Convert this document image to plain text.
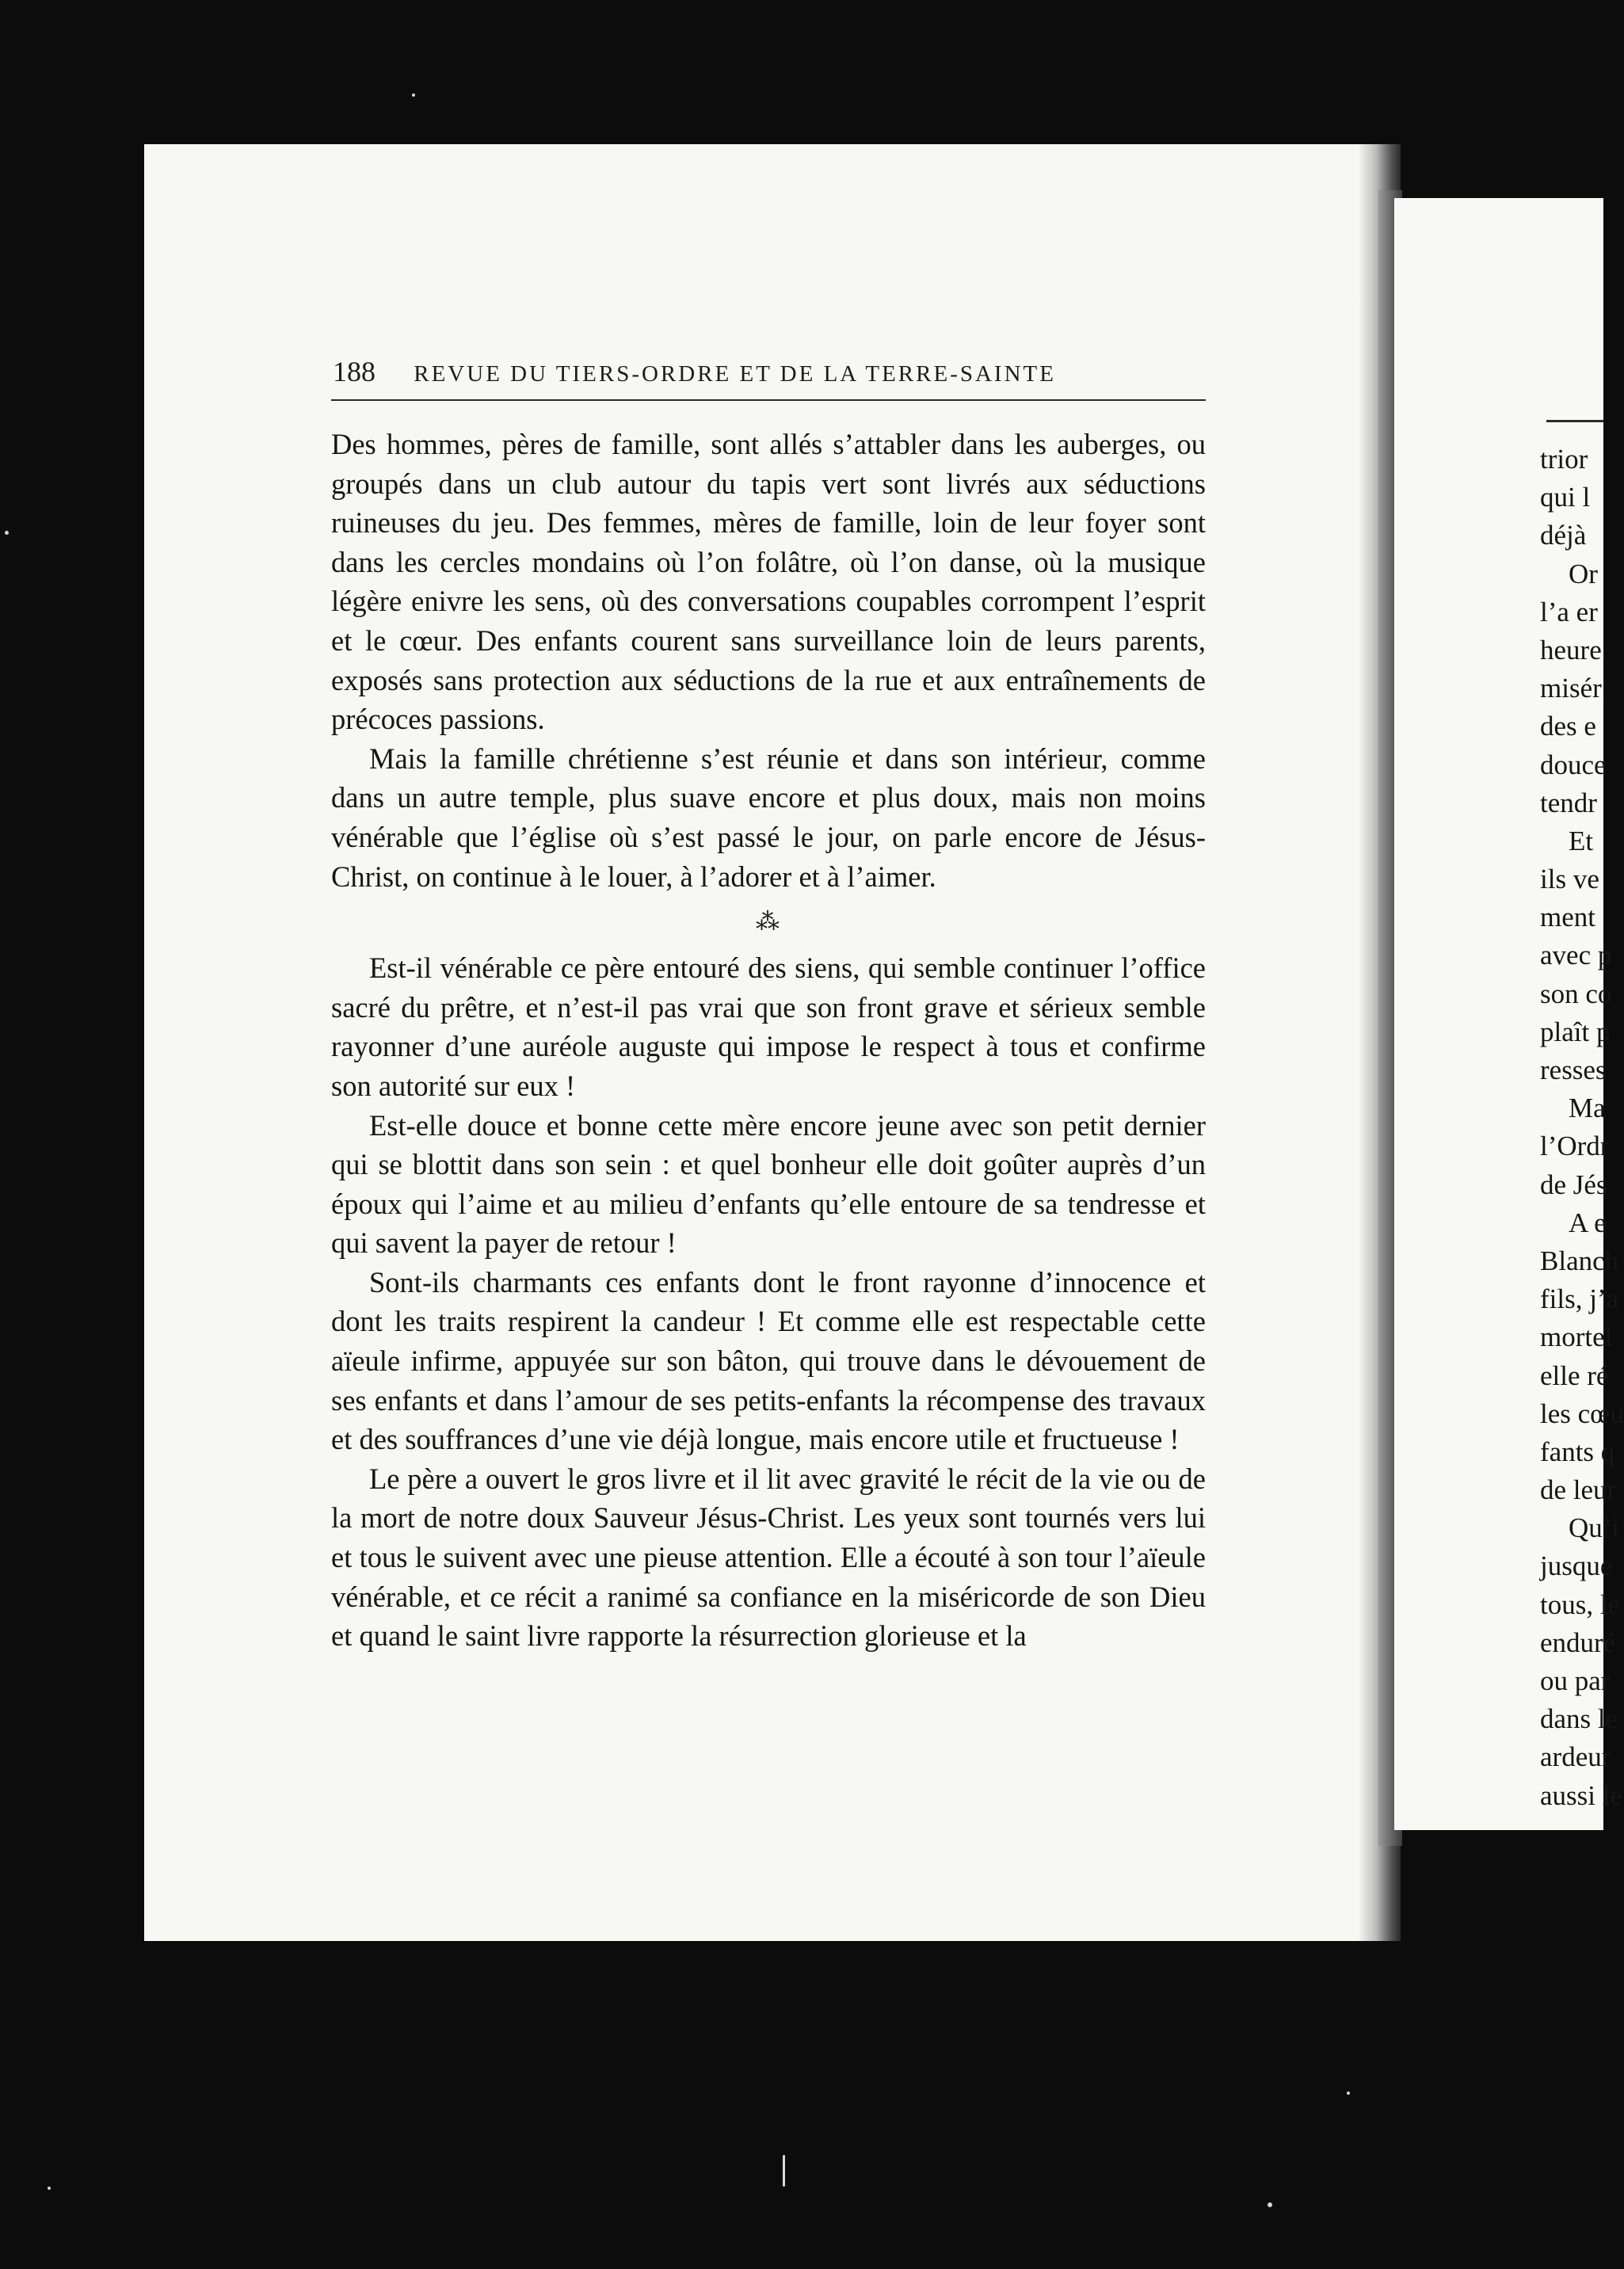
188 REVUE DU TIERS-ORDRE ET DE LA TERRE-SAINTE

Des hommes, pères de famille, sont allés s’attabler dans les auberges, ou groupés dans un club autour du tapis vert sont livrés aux séductions ruineuses du jeu. Des femmes, mères de famille, loin de leur foyer sont dans les cercles mondains où l’on folâtre, où l’on danse, où la musique légère enivre les sens, où des conversations coupables corrompent l’esprit et le cœur. Des enfants courent sans surveillance loin de leurs parents, exposés sans protection aux séductions de la rue et aux entraînements de précoces passions.

Mais la famille chrétienne s’est réunie et dans son intérieur, comme dans un autre temple, plus suave encore et plus doux, mais non moins vénérable que l’église où s’est passé le jour, on parle encore de Jésus-Christ, on continue à le louer, à l’adorer et à l’aimer.

⁂

Est-il vénérable ce père entouré des siens, qui semble continuer l’office sacré du prêtre, et n’est-il pas vrai que son front grave et sérieux semble rayonner d’une auréole auguste qui impose le respect à tous et confirme son autorité sur eux !

Est-elle douce et bonne cette mère encore jeune avec son petit dernier qui se blottit dans son sein : et quel bonheur elle doit goûter auprès d’un époux qui l’aime et au milieu d’enfants qu’elle entoure de sa tendresse et qui savent la payer de retour !

Sont-ils charmants ces enfants dont le front rayonne d’innocence et dont les traits respirent la candeur ! Et comme elle est respectable cette aïeule infirme, appuyée sur son bâton, qui trouve dans le dévouement de ses enfants et dans l’amour de ses petits-enfants la récompense des travaux et des souffrances d’une vie déjà longue, mais encore utile et fructueuse !

Le père a ouvert le gros livre et il lit avec gravité le récit de la vie ou de la mort de notre doux Sauveur Jésus-Christ. Les yeux sont tournés vers lui et tous le suivent avec une pieuse attention. Elle a écouté à son tour l’aïeule vénérable, et ce récit a ranimé sa confiance en la miséricorde de son Dieu et quand le saint livre rapporte la résurrection glorieuse et la

trior
qui l
déjà
Or
l’a er
heure
misér
des e
douce
tendr
Et
ils ve
ment
avec p
son co
plaît p
resses
Ma
l’Ordr
de Jés
A e
Blanch
fils, j’a
mortel
elle ré
les cœu
fants q
de leur
Qu’i
jusque
tous, le
enduré
ou par
dans le
ardeur
aussi le
